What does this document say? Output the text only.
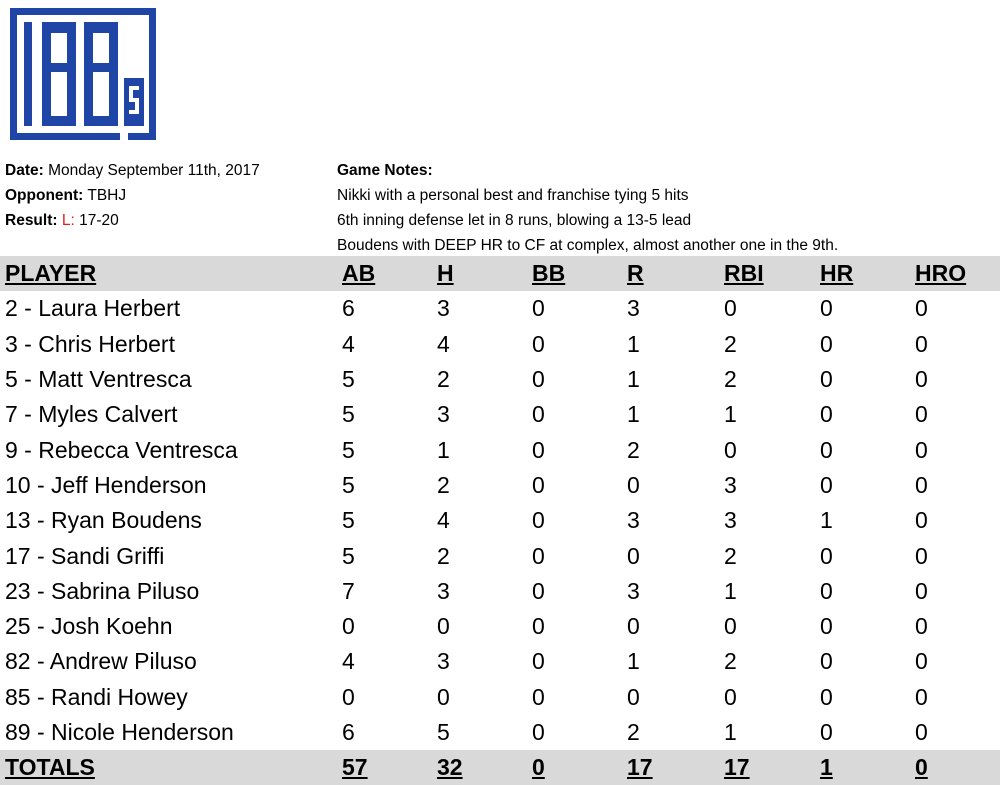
Date: Monday September 11th, 2017
Opponent: TBHJ
Result: L: 17-20
Game Notes:
Nikki with a personal best and franchise tying 5 hits
6th inning defense let in 8 runs, blowing a 13-5 lead
Boudens with DEEP HR to CF at complex, almost another one in the 9th.
PLAYER	AB	H	BB	R	RBI	HR	HRO
2 - Laura Herbert	6	3	0	3	0	0	0
3 - Chris Herbert	4	4	0	1	2	0	0
5 - Matt Ventresca	5	2	0	1	2	0	0
7 - Myles Calvert	5	3	0	1	1	0	0
9 - Rebecca Ventresca	5	1	0	2	0	0	0
10 - Jeff Henderson	5	2	0	0	3	0	0
13 - Ryan Boudens	5	4	0	3	3	1	0
17 - Sandi Griffi	5	2	0	0	2	0	0
23 - Sabrina Piluso	7	3	0	3	1	0	0
25 - Josh Koehn	0	0	0	0	0	0	0
82 - Andrew Piluso	4	3	0	1	2	0	0
85 - Randi Howey	0	0	0	0	0	0	0
89 - Nicole Henderson	6	5	0	2	1	0	0
TOTALS	57	32	0	17	17	1	0
